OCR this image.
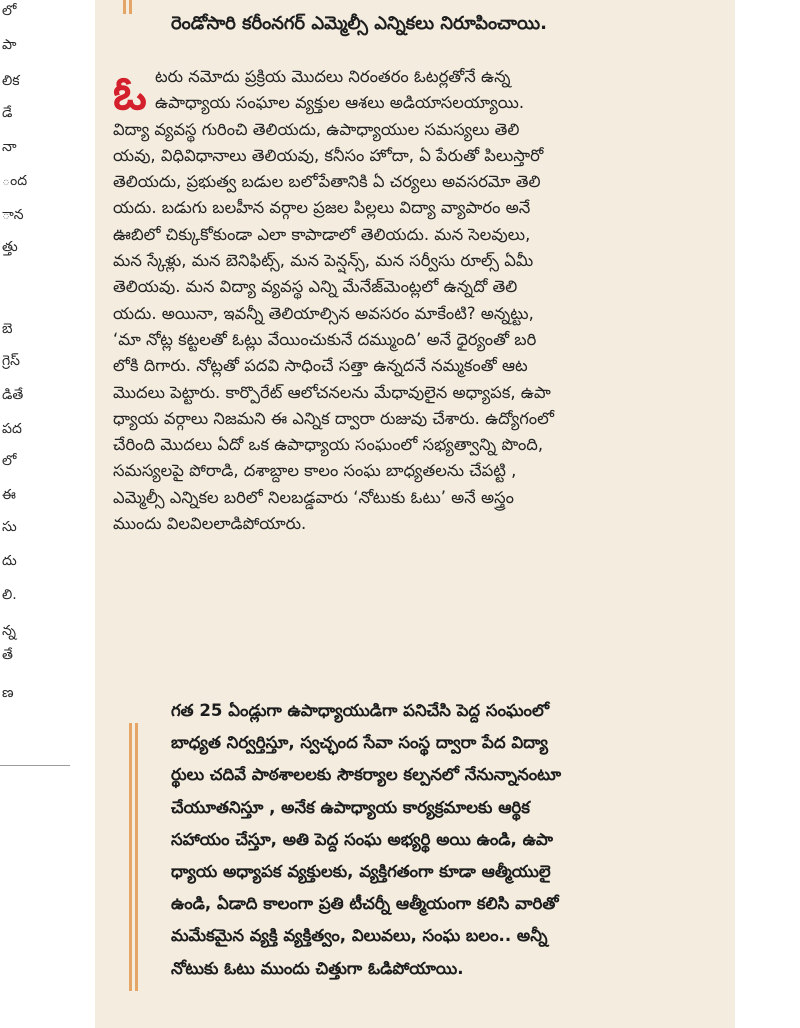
లో
పా
లిక
డే
నా
ంద
ాన
త్తు
బె
గ్రెస్
డితే
పద
లో
ఈ
సు
దు
లి.
న్న
తే
ణ
రెండోసారి కరీంనగర్ ఎమ్మెల్సీ ఎన్నికలు నిరూపించాయి.
ఓ టరు నమోదు ప్రక్రియ మొదలు నిరంతరం ఓటర్లతోనే ఉన్న
ఉపాధ్యాయ సంఘాల వ్యక్తుల ఆశలు అడియాసలయ్యాయి.
విద్యా వ్యవస్థ గురించి తెలియదు, ఉపాధ్యాయుల సమస్యలు తెలి
యవు, విధివిధానాలు తెలియవు, కనీసం హోదా, ఏ పేరుతో పిలుస్తారో
తెలియదు, ప్రభుత్వ బడుల బలోపేతానికి ఏ చర్యలు అవసరమో తెలి
యదు. బడుగు బలహీన వర్గాల ప్రజల పిల్లలు విద్యా వ్యాపారం అనే
ఊబిలో చిక్కుకోకుండా ఎలా కాపాడాలో తెలియదు. మన సెలవులు,
మన స్కేళ్లు, మన బెనిఫిట్స్, మన పెన్షన్స్, మన సర్వీసు రూల్స్ ఏమీ
తెలియవు. మన విద్యా వ్యవస్థ ఎన్ని మేనేజ్‌మెంట్లలో ఉన్నదో తెలి
యదు. అయినా, ఇవన్నీ తెలియాల్సిన అవసరం మాకేంటి? అన్నట్టు,
‘మా నోట్ల కట్టలతో ఓట్లు వేయించుకునే దమ్ముంది’ అనే ధైర్యంతో బరి
లోకి దిగారు. నోట్లతో పదవి సాధించే సత్తా ఉన్నదనే నమ్మకంతో ఆట
మొదలు పెట్టారు. కార్పొరేట్ ఆలోచనలను మేధావులైన అధ్యాపక, ఉపా
ధ్యాయ వర్గాలు నిజమని ఈ ఎన్నిక ద్వారా రుజువు చేశారు. ఉద్యోగంలో
చేరింది మొదలు ఏదో ఒక ఉపాధ్యాయ సంఘంలో సభ్యత్వాన్ని పొంది,
సమస్యలపై పోరాడి, దశాబ్దాల కాలం సంఘ బాధ్యతలను చేపట్టి ,
ఎమ్మెల్సీ ఎన్నికల బరిలో నిలబడ్డవారు ‘నోటుకు ఓటు’ అనే అస్త్రం
ముందు విలవిలలాడిపోయారు.
గత 25 ఏండ్లుగా ఉపాధ్యాయుడిగా పనిచేసి పెద్ద సంఘంలో
బాధ్యత నిర్వర్తిస్తూ, స్వచ్ఛంద సేవా సంస్థ ద్వారా పేద విద్యా
ర్థులు చదివే పాఠశాలలకు సౌకర్యాల కల్పనలో నేనున్నానంటూ
చేయూతనిస్తూ , అనేక ఉపాధ్యాయ కార్యక్రమాలకు ఆర్థిక
సహాయం చేస్తూ, అతి పెద్ద సంఘ అభ్యర్థి అయి ఉండి, ఉపా
ధ్యాయ అధ్యాపక వ్యక్తులకు, వ్యక్తిగతంగా కూడా ఆత్మీయులై
ఉండి, ఏడాది కాలంగా ప్రతి టీచర్నీ ఆత్మీయంగా కలిసి వారితో
మమేకమైన వ్యక్తి వ్యక్తిత్వం, విలువలు, సంఘ బలం.. అన్నీ
నోటుకు ఓటు ముందు చిత్తుగా ఓడిపోయాయి.
